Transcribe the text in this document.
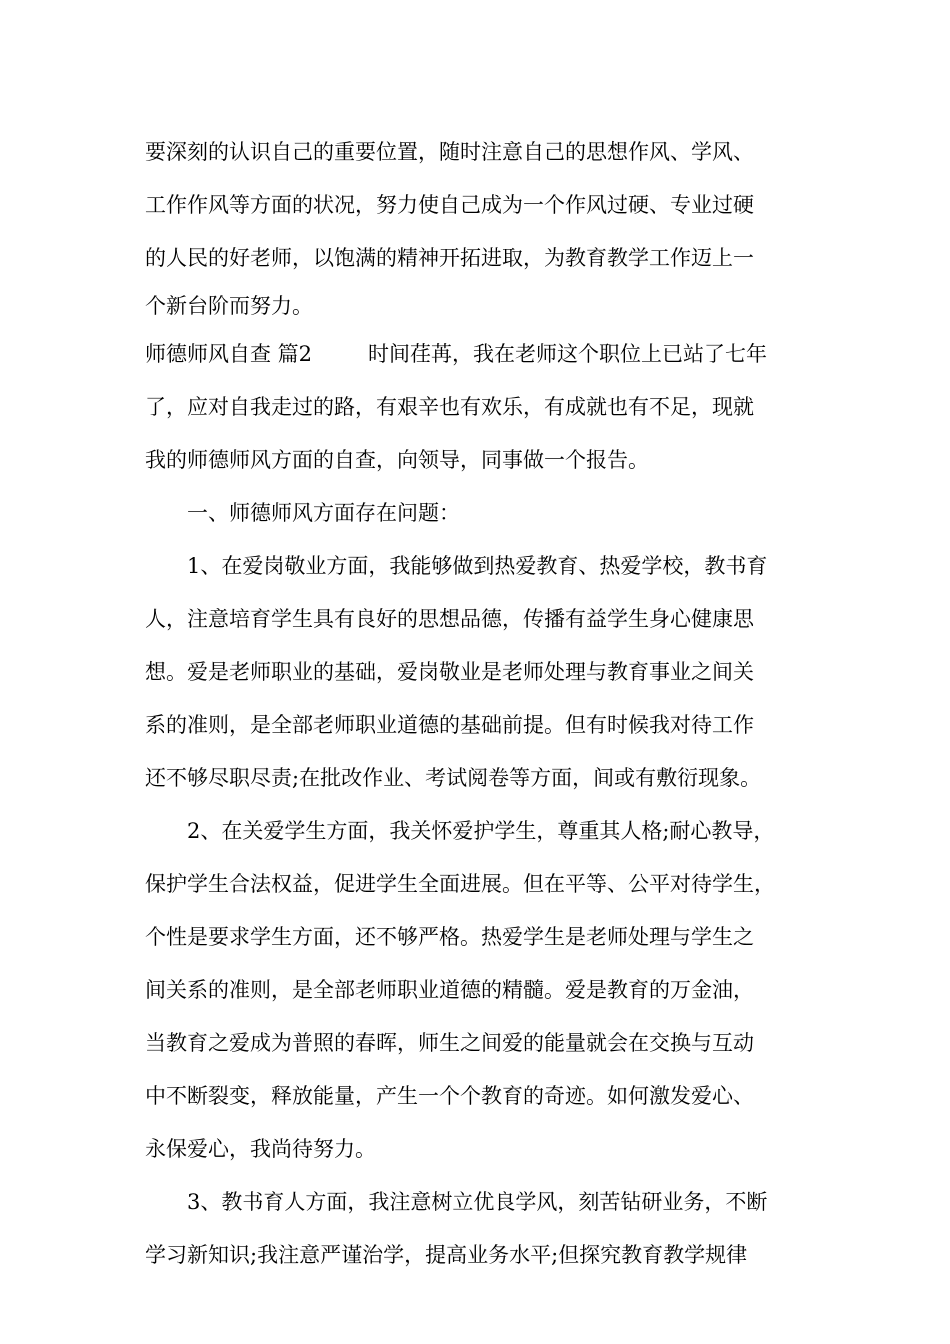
要深刻的认识自己的重要位置，随时注意自己的思想作风、学风、
工作作风等方面的状况，努力使自己成为一个作风过硬、专业过硬
的人民的好老师，以饱满的精神开拓进取，为教育教学工作迈上一
个新台阶而努力。
师德师风自查 篇2	时间荏苒，我在老师这个职位上已站了七年
了，应对自我走过的路，有艰辛也有欢乐，有成就也有不足，现就
我的师德师风方面的自查，向领导，同事做一个报告。
一、师德师风方面存在问题：
1、在爱岗敬业方面，我能够做到热爱教育、热爱学校，教书育
人，注意培育学生具有良好的思想品德，传播有益学生身心健康思
想。爱是老师职业的基础，爱岗敬业是老师处理与教育事业之间关
系的准则，是全部老师职业道德的基础前提。但有时候我对待工作
还不够尽职尽责;在批改作业、考试阅卷等方面，间或有敷衍现象。
2、在关爱学生方面，我关怀爱护学生，尊重其人格;耐心教导，
保护学生合法权益，促进学生全面进展。但在平等、公平对待学生，
个性是要求学生方面，还不够严格。热爱学生是老师处理与学生之
间关系的准则，是全部老师职业道德的精髓。爱是教育的万金油，
当教育之爱成为普照的春晖，师生之间爱的能量就会在交换与互动
中不断裂变，释放能量，产生一个个教育的奇迹。如何激发爱心、
永保爱心，我尚待努力。
3、教书育人方面，我注意树立优良学风，刻苦钻研业务，不断
学习新知识;我注意严谨治学，提高业务水平;但探究教育教学规律
